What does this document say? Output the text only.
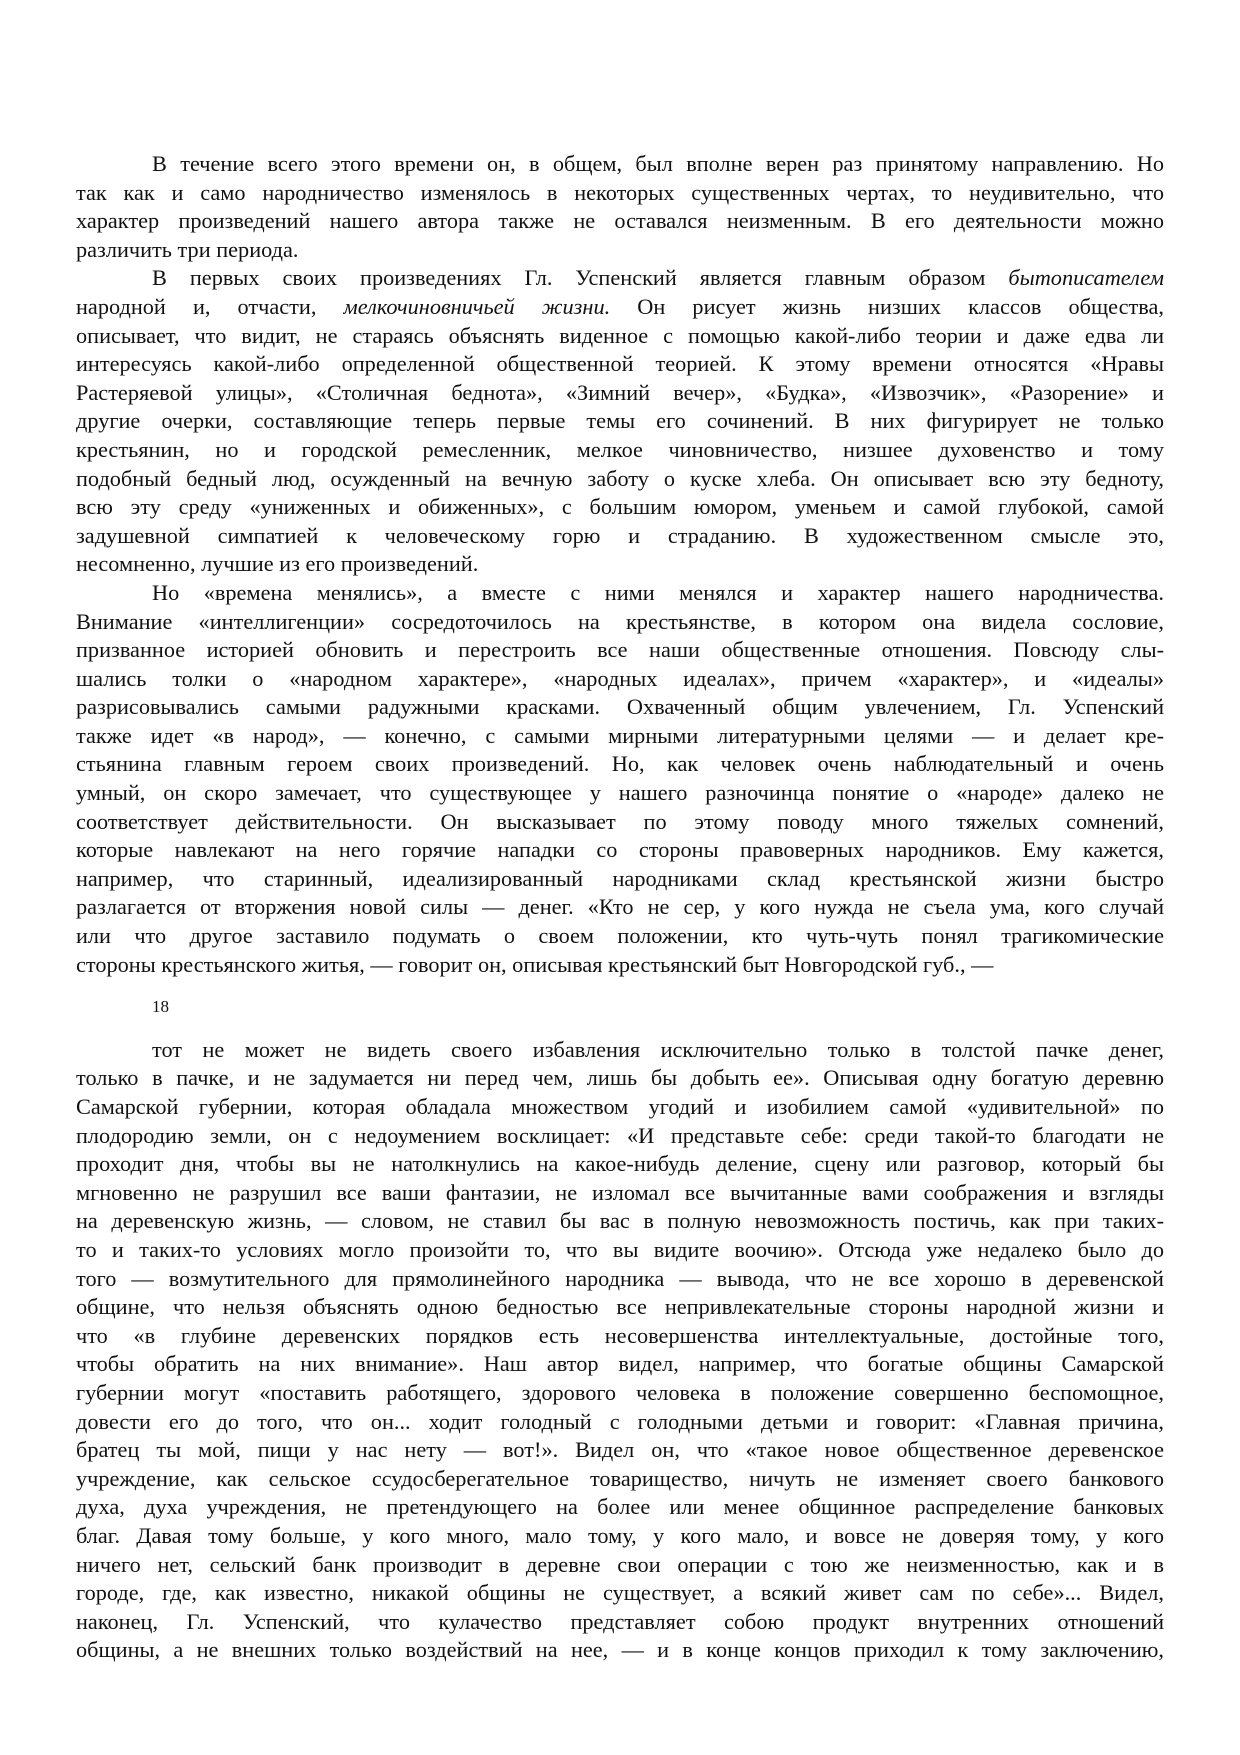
В течение всего этого времени он, в общем, был вполне верен раз принятому направлению. Но
так как и само народничество изменялось в некоторых существенных чертах, то неудивительно, что
характер произведений нашего автора также не оставался неизменным. В его деятельности можно
различить три периода.
В первых своих произведениях Гл. Успенский является главным образом бытописателем
народной и, отчасти, мелкочиновничьей жизни. Он рисует жизнь низших классов общества,
описывает, что видит, не стараясь объяснять виденное с помощью какой-либо теории и даже едва ли
интересуясь какой-либо определенной общественной теорией. К этому времени относятся «Нравы
Растеряевой улицы», «Столичная беднота», «Зимний вечер», «Будка», «Извозчик», «Разорение» и
другие очерки, составляющие теперь первые темы его сочинений. В них фигурирует не только
крестьянин, но и городской ремесленник, мелкое чиновничество, низшее духовенство и тому
подобный бедный люд, осужденный на вечную заботу о куске хлеба. Он описывает всю эту бедноту,
всю эту среду «униженных и обиженных», с большим юмором, уменьем и самой глубокой, самой
задушевной симпатией к человеческому горю и страданию. В художественном смысле это,
несомненно, лучшие из его произведений.
Но «времена менялись», а вместе с ними менялся и характер нашего народничества.
Внимание «интеллигенции» сосредоточилось на крестьянстве, в котором она видела сословие,
призванное историей обновить и перестроить все наши общественные отношения. Повсюду слы-
шались толки о «народном характере», «народных идеалах», причем «характер», и «идеалы»
разрисовывались самыми радужными красками. Охваченный общим увлечением, Гл. Успенский
также идет «в народ», — конечно, с самыми мирными литературными целями — и делает кре-
стьянина главным героем своих произведений. Но, как человек очень наблюдательный и очень
умный, он скоро замечает, что существующее у нашего разночинца понятие о «народе» далеко не
соответствует действительности. Он высказывает по этому поводу много тяжелых сомнений,
которые навлекают на него горячие нападки со стороны правоверных народников. Ему кажется,
например, что старинный, идеализированный народниками склад крестьянской жизни быстро
разлагается от вторжения новой силы — денег. «Кто не сер, у кого нужда не съела ума, кого случай
или что другое заставило подумать о своем положении, кто чуть-чуть понял трагикомические
стороны крестьянского житья, — говорит он, описывая крестьянский быт Новгородской губ., —
18
тот не может не видеть своего избавления исключительно только в толстой пачке денег,
только в пачке, и не задумается ни перед чем, лишь бы добыть ее». Описывая одну богатую деревню
Самарской губернии, которая обладала множеством угодий и изобилием самой «удивительной» по
плодородию земли, он с недоумением восклицает: «И представьте себе: среди такой-то благодати не
проходит дня, чтобы вы не натолкнулись на какое-нибудь деление, сцену или разговор, который бы
мгновенно не разрушил все ваши фантазии, не изломал все вычитанные вами соображения и взгляды
на деревенскую жизнь, — словом, не ставил бы вас в полную невозможность постичь, как при таких-
то и таких-то условиях могло произойти то, что вы видите воочию». Отсюда уже недалеко было до
того — возмутительного для прямолинейного народника — вывода, что не все хорошо в деревенской
общине, что нельзя объяснять одною бедностью все непривлекательные стороны народной жизни и
что «в глубине деревенских порядков есть несовершенства интеллектуальные, достойные того,
чтобы обратить на них внимание». Наш автор видел, например, что богатые общины Самарской
губернии могут «поставить работящего, здорового человека в положение совершенно беспомощное,
довести его до того, что он... ходит голодный с голодными детьми и говорит: «Главная причина,
братец ты мой, пищи у нас нету — вот!». Видел он, что «такое новое общественное деревенское
учреждение, как сельское ссудосберегательное товарищество, ничуть не изменяет своего банкового
духа, духа учреждения, не претендующего на более или менее общинное распределение банковых
благ. Давая тому больше, у кого много, мало тому, у кого мало, и вовсе не доверяя тому, у кого
ничего нет, сельский банк производит в деревне свои операции с тою же неизменностью, как и в
городе, где, как известно, никакой общины не существует, а всякий живет сам по себе»... Видел,
наконец, Гл. Успенский, что кулачество представляет собою продукт внутренних отношений
общины, а не внешних только воздействий на нее, — и в конце концов приходил к тому заключению,
